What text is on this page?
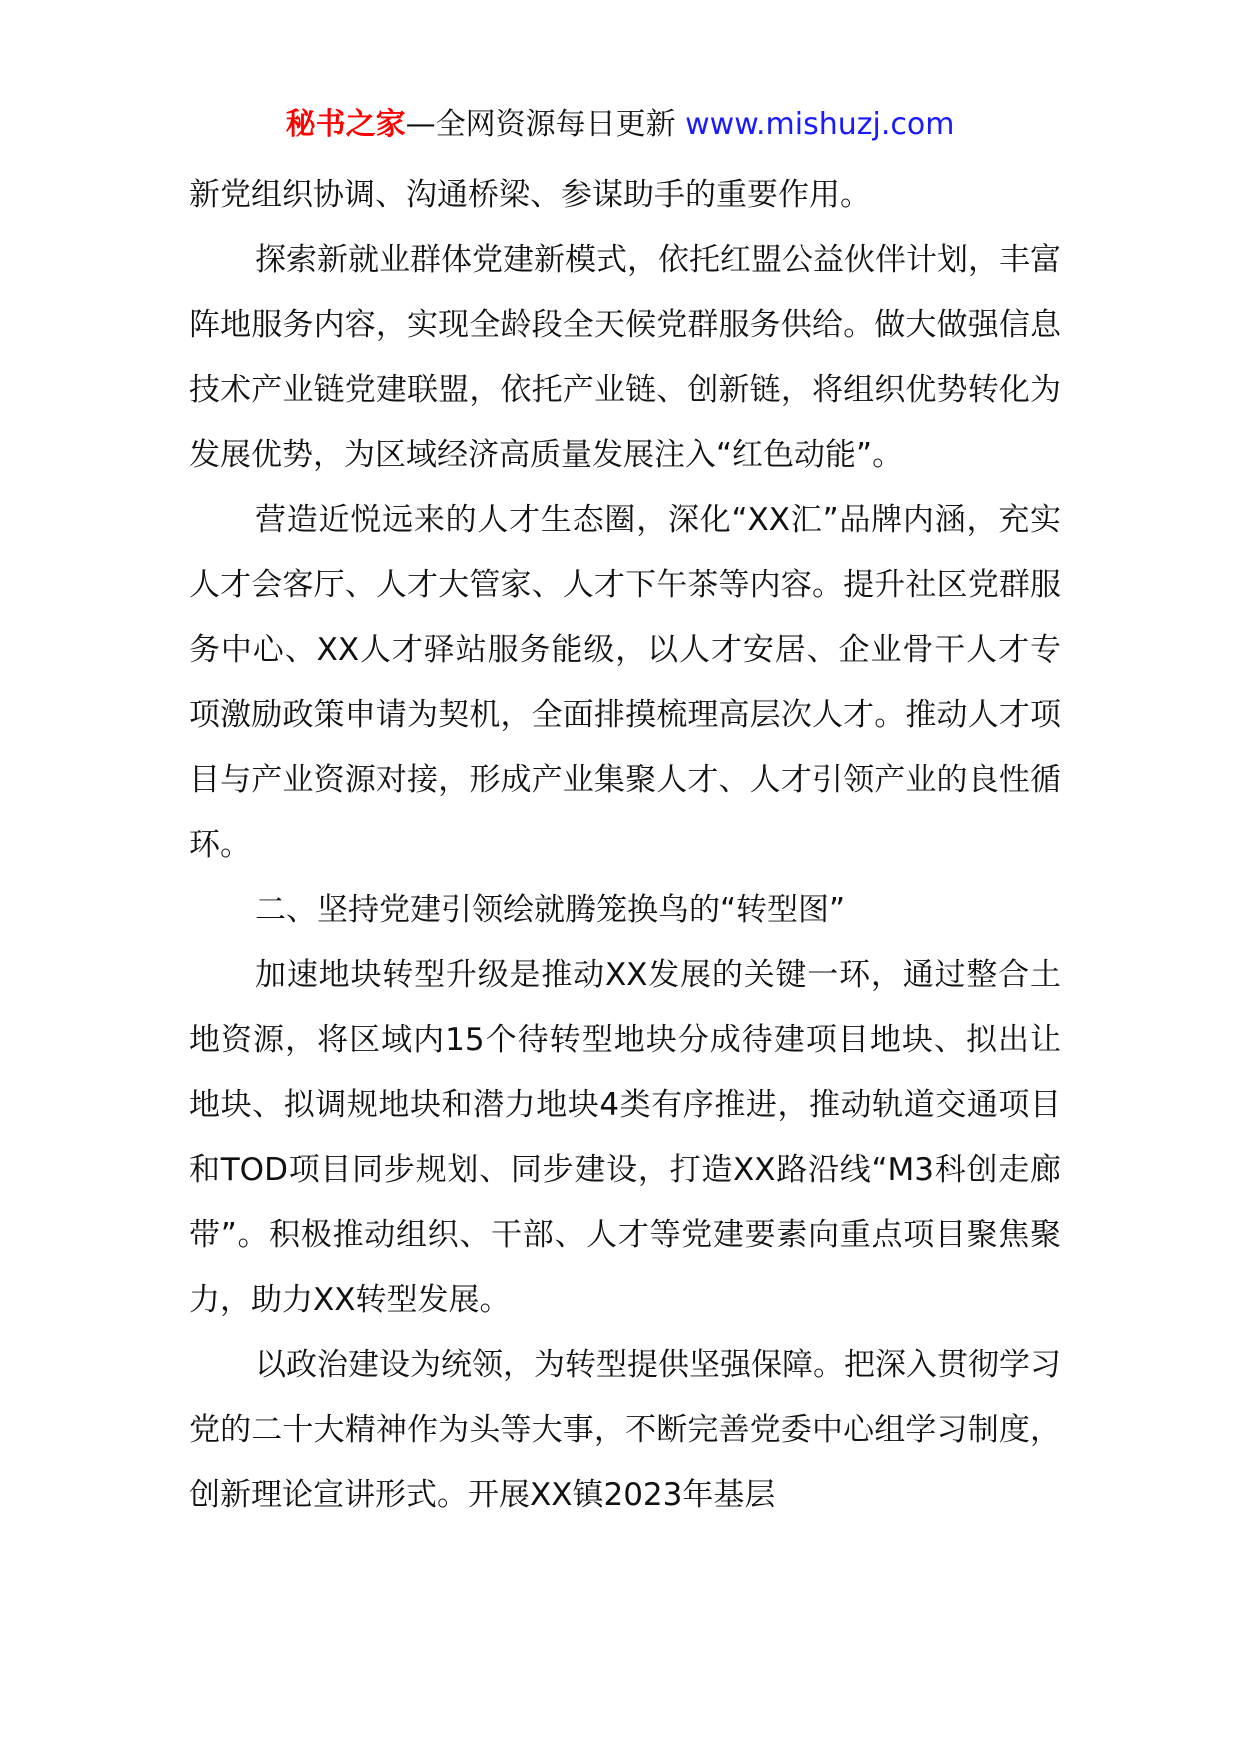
秘书之家—全网资源每日更新 www.mishuzj.com

新党组织协调、沟通桥梁、参谋助手的重要作用。

探索新就业群体党建新模式，依托红盟公益伙伴计划，丰富阵地服务内容，实现全龄段全天候党群服务供给。做大做强信息技术产业链党建联盟，依托产业链、创新链，将组织优势转化为发展优势，为区域经济高质量发展注入“红色动能”。

营造近悦远来的人才生态圈，深化“XX汇”品牌内涵，充实人才会客厅、人才大管家、人才下午茶等内容。提升社区党群服务中心、XX人才驿站服务能级，以人才安居、企业骨干人才专项激励政策申请为契机，全面排摸梳理高层次人才。推动人才项目与产业资源对接，形成产业集聚人才、人才引领产业的良性循环。

二、坚持党建引领绘就腾笼换鸟的“转型图”

加速地块转型升级是推动XX发展的关键一环，通过整合土地资源，将区域内15个待转型地块分成待建项目地块、拟出让地块、拟调规地块和潜力地块4类有序推进，推动轨道交通项目和TOD项目同步规划、同步建设，打造XX路沿线“M3科创走廊带”。积极推动组织、干部、人才等党建要素向重点项目聚焦聚力，助力XX转型发展。

以政治建设为统领，为转型提供坚强保障。把深入贯彻学习党的二十大精神作为头等大事，不断完善党委中心组学习制度，创新理论宣讲形式。开展XX镇2023年基层
